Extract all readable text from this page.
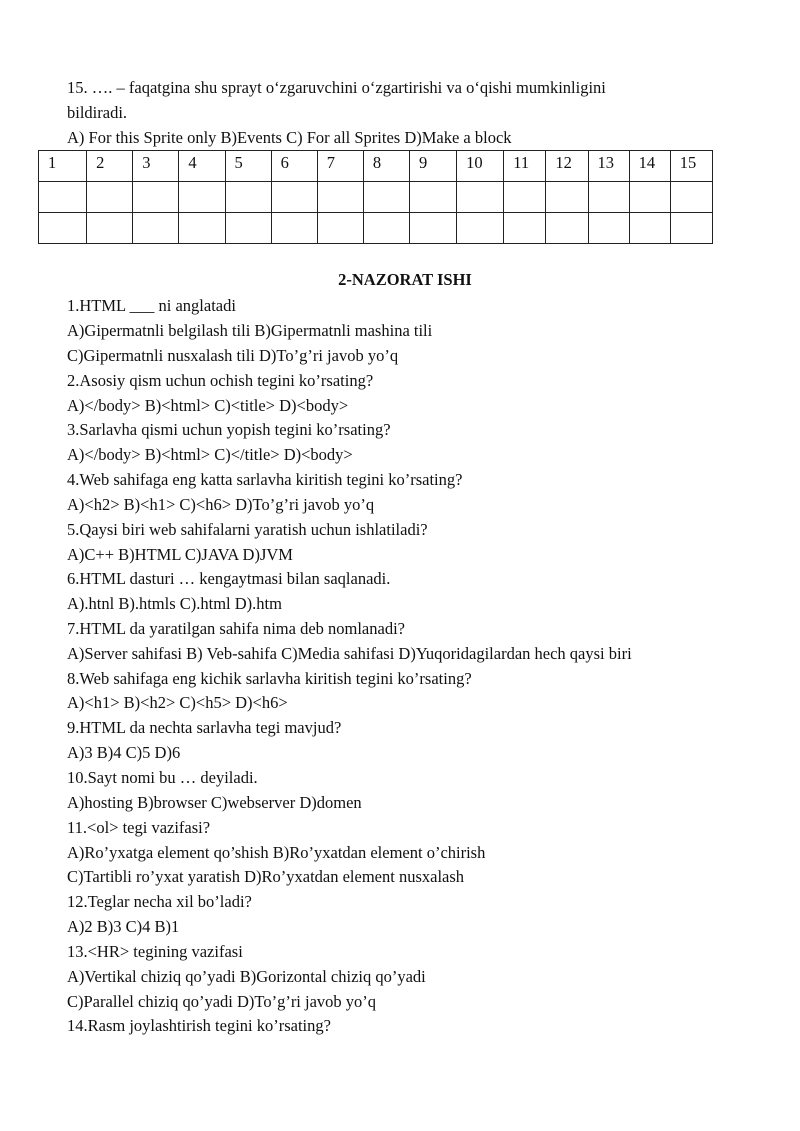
15. …. – faqatgina shu sprayt o‘zgaruvchini o‘zgartirishi va o‘qishi mumkinligini
bildiradi.
A) For this Sprite only B)Events C) For all Sprites D)Make a block
1	2	3	4	5	6	7	8	9	10	11	12	13	14	15

2-NAZORAT ISHI
1.HTML ___ ni anglatadi
A)Gipermatnli belgilash tili B)Gipermatnli mashina tili
C)Gipermatnli nusxalash tili D)To’g’ri javob yo’q
2.Asosiy qism uchun ochish tegini ko’rsating?
A)</body> B)<html> C)<title> D)<body>
3.Sarlavha qismi uchun yopish tegini ko’rsating?
A)</body> B)<html> C)</title> D)<body>
4.Web sahifaga eng katta sarlavha kiritish tegini ko’rsating?
A)<h2> B)<h1> C)<h6> D)To’g’ri javob yo’q
5.Qaysi biri web sahifalarni yaratish uchun ishlatiladi?
A)C++ B)HTML C)JAVA D)JVM
6.HTML dasturi … kengaytmasi bilan saqlanadi.
A).htnl B).htmls C).html D).htm
7.HTML da yaratilgan sahifa nima deb nomlanadi?
A)Server sahifasi B) Veb-sahifa C)Media sahifasi D)Yuqoridagilardan hech qaysi biri
8.Web sahifaga eng kichik sarlavha kiritish tegini ko’rsating?
A)<h1> B)<h2> C)<h5> D)<h6>
9.HTML da nechta sarlavha tegi mavjud?
A)3 B)4 C)5 D)6
10.Sayt nomi bu … deyiladi.
A)hosting B)browser C)webserver D)domen
11.<ol> tegi vazifasi?
A)Ro’yxatga element qo’shish B)Ro’yxatdan element o’chirish
C)Tartibli ro’yxat yaratish D)Ro’yxatdan element nusxalash
12.Teglar necha xil bo’ladi?
A)2 B)3 C)4 B)1
13.<HR> tegining vazifasi
A)Vertikal chiziq qo’yadi B)Gorizontal chiziq qo’yadi
C)Parallel chiziq qo’yadi D)To’g’ri javob yo’q
14.Rasm joylashtirish tegini ko’rsating?
